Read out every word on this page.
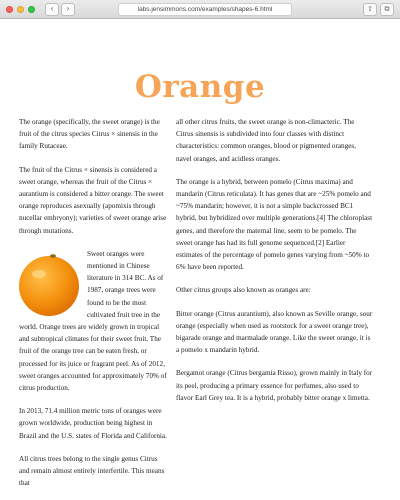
‹	›	labs.jensimmons.com/examples/shapes-6.html	⇧	⧉
Orange

The orange (specifically, the sweet orange) is the fruit of the citrus species Citrus × sinensis in the family Rutaceae.

The fruit of the Citrus × sinensis is considered a sweet orange, whereas the fruit of the Citrus × aurantium is considered a bitter orange. The sweet orange reproduces asexually (apomixis through nucellar embryony); varieties of sweet orange arise through mutations.

Sweet oranges were mentioned in Chinese literature in 314 BC. As of 1987, orange trees were found to be the most cultivated fruit tree in the world. Orange trees are widely grown in tropical and subtropical climates for their sweet fruit. The fruit of the orange tree can be eaten fresh, or processed for its juice or fragrant peel. As of 2012, sweet oranges accounted for approximately 70% of citrus production.

In 2013, 71.4 million metric tons of oranges were grown worldwide, production being highest in Brazil and the U.S. states of Florida and California.

All citrus trees belong to the single genus Citrus and remain almost entirely interfertile. This means that

all other citrus fruits, the sweet orange is non-climacteric. The Citrus sinensis is subdivided into four classes with distinct characteristics: common oranges, blood or pigmented oranges, navel oranges, and acidless oranges.

The orange is a hybrid, between pomelo (Citrus maxima) and mandarin (Citrus reticulata). It has genes that are ~25% pomelo and ~75% mandarin; however, it is not a simple backcrossed BC1 hybrid, but hybridized over multiple generations.[4] The chloroplast genes, and therefore the maternal line, seem to be pomelo. The sweet orange has had its full genome sequenced.[2] Earlier estimates of the percentage of pomelo genes varying from ~50% to 6% have been reported.

Other citrus groups also known as oranges are:

Bitter orange (Citrus aurantium), also known as Seville orange, sour orange (especially when used as rootstock for a sweet orange tree), bigarade orange and marmalade orange. Like the sweet orange, it is a pomelo x mandarin hybrid.

Bergamot orange (Citrus bergamia Risso), grown mainly in Italy for its peel, producing a primary essence for perfumes, also used to flavor Earl Grey tea. It is a hybrid, probably bitter orange x limetta.
